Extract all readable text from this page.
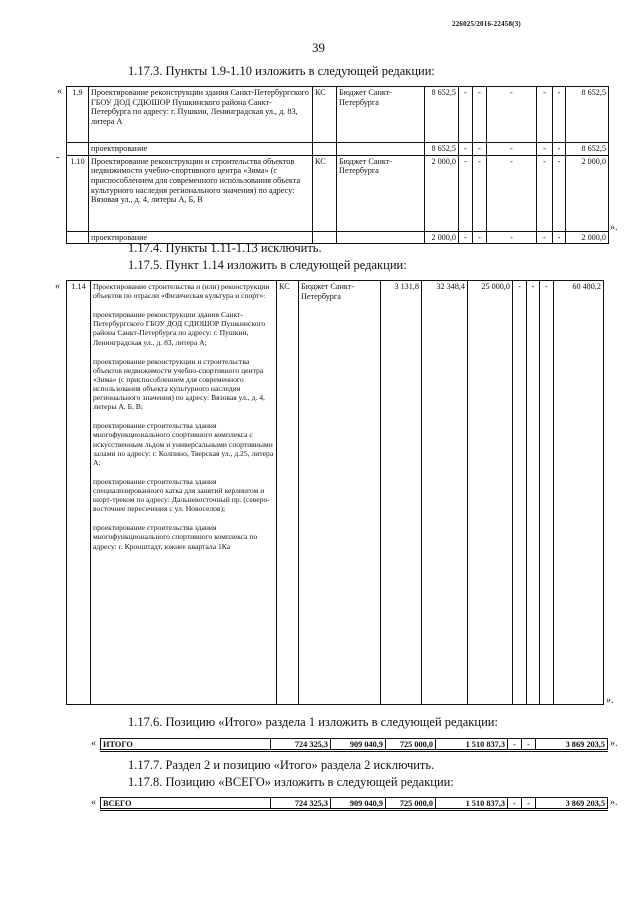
226025/2016-22458(3)
39
1.17.3. Пункты 1.9-1.10 изложить в следующей редакции:
« 1.9	Проектирование реконструкции здания Санкт-Петербургского ГБОУ ДОД СДЮШОР Пушкинского района Санкт-Петербурга по адресу: г. Пушкин, Ленинградская ул., д. 83, литера А	КС	Бюджет Санкт-Петербурга	8 652,5	-	-	-	-	-	8 652,5
	проектирование			8 652,5	-	-	-	-	-	8 652,5
1.10	Проектирование реконструкции и строительства объектов недвижимости учебно-спортивного центра «Зима» (с приспособлением для современного использования объекта культурного наследия регионального значения) по адресу: Вязовая ул., д. 4, литеры А, Б, В	КС	Бюджет Санкт-Петербурга	2 000,0	-	-	-	-	-	2 000,0
	проектирование			2 000,0	-	-	-	-	-	2 000,0
».
-
1.17.4. Пункты 1.11-1.13 исключить.
1.17.5. Пункт 1.14 изложить в следующей редакции:
« 1.14	Проектирование строительства и (или) реконструкции объектов по отрасли «Физическая культура и спорт»:
проектирование реконструкции здания Санкт-Петербургского ГБОУ ДОД СДЮШОР Пушкинского района Санкт-Петербурга по адресу: г. Пушкин, Ленинградская ул., д. 83, литера А;
проектирование реконструкции и строительства объектов недвижимости учебно-спортивного центра «Зима» (с приспособлением для современного использования объекта культурного наследия регионального значения) по адресу: Вязовая ул., д. 4, литеры А, Б, В;
проектирование строительства здания многофункционального спортивного комплекса с искусственным льдом и универсальными спортивными залами по адресу: г. Колпино, Тверская ул., д.25, литера А;
проектирование строительства здания специализированного катка для занятий керлингом и шорт-треком по адресу: Дальневосточный пр. (северо-восточнее пересечения с ул. Новоселов);
проектирование строительства здания многофункционального спортивного комплекса по адресу: г. Кронштадт, южнее квартала 1Ка
	КС	Бюджет Санкт-Петербурга	3 131,8	32 348,4	25 000,0	-	-	-	60 480,2
».
1.17.6. Позицию «Итого» раздела 1 изложить в следующей редакции:
« ИТОГО	724 325,3	909 040,9	725 000,0	1 510 837,3	-	-	3 869 203,5 ».
1.17.7. Раздел 2 и позицию «Итого» раздела 2 исключить.
1.17.8. Позицию «ВСЕГО» изложить в следующей редакции:
« ВСЕГО	724 325,3	909 040,9	725 000,0	1 510 837,3	-	-	3 869 203,5 ».
